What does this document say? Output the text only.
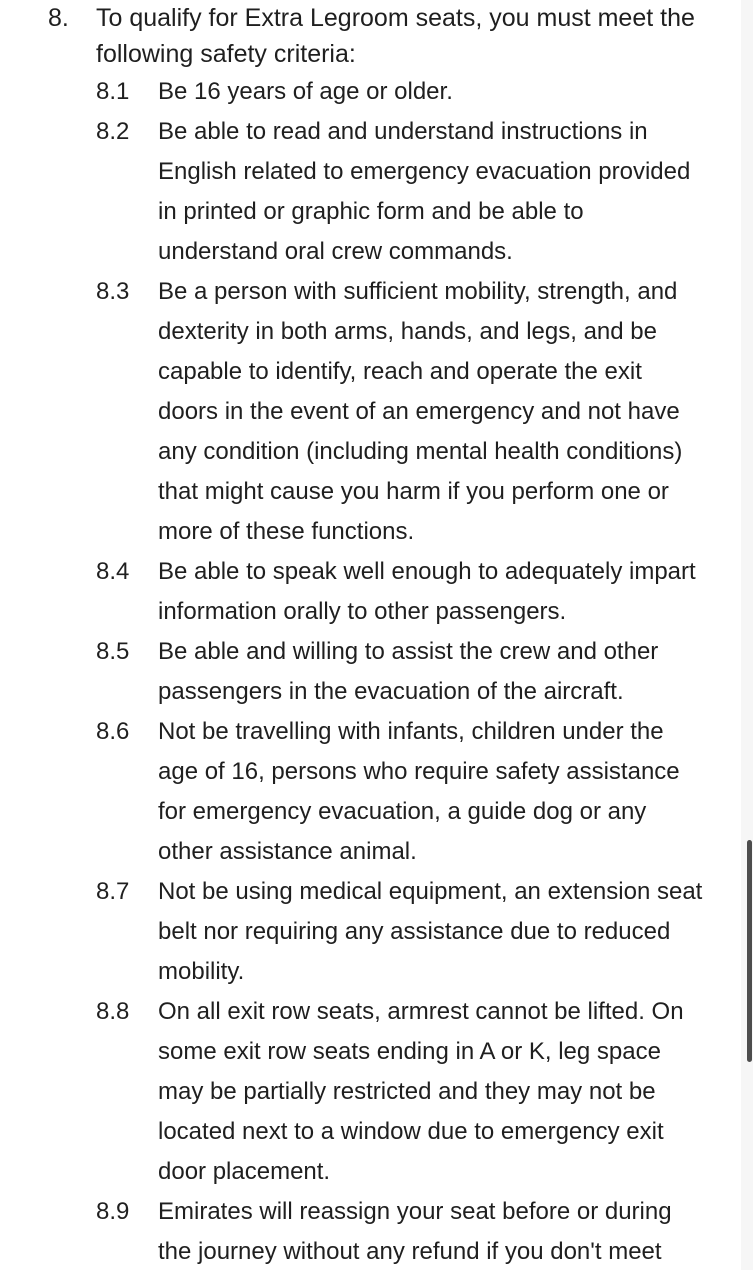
8. To qualify for Extra Legroom seats, you must meet the following safety criteria:
8.1	Be 16 years of age or older.
8.2	Be able to read and understand instructions in English related to emergency evacuation provided in printed or graphic form and be able to understand oral crew commands.
8.3	Be a person with sufficient mobility, strength, and dexterity in both arms, hands, and legs, and be capable to identify, reach and operate the exit doors in the event of an emergency and not have any condition (including mental health conditions) that might cause you harm if you perform one or more of these functions.
8.4	Be able to speak well enough to adequately impart information orally to other passengers.
8.5	Be able and willing to assist the crew and other passengers in the evacuation of the aircraft.
8.6	Not be travelling with infants, children under the age of 16, persons who require safety assistance for emergency evacuation, a guide dog or any other assistance animal.
8.7	Not be using medical equipment, an extension seat belt nor requiring any assistance due to reduced mobility.
8.8	On all exit row seats, armrest cannot be lifted. On some exit row seats ending in A or K, leg space may be partially restricted and they may not be located next to a window due to emergency exit door placement.
8.9	Emirates will reassign your seat before or during the journey without any refund if you don't meet
